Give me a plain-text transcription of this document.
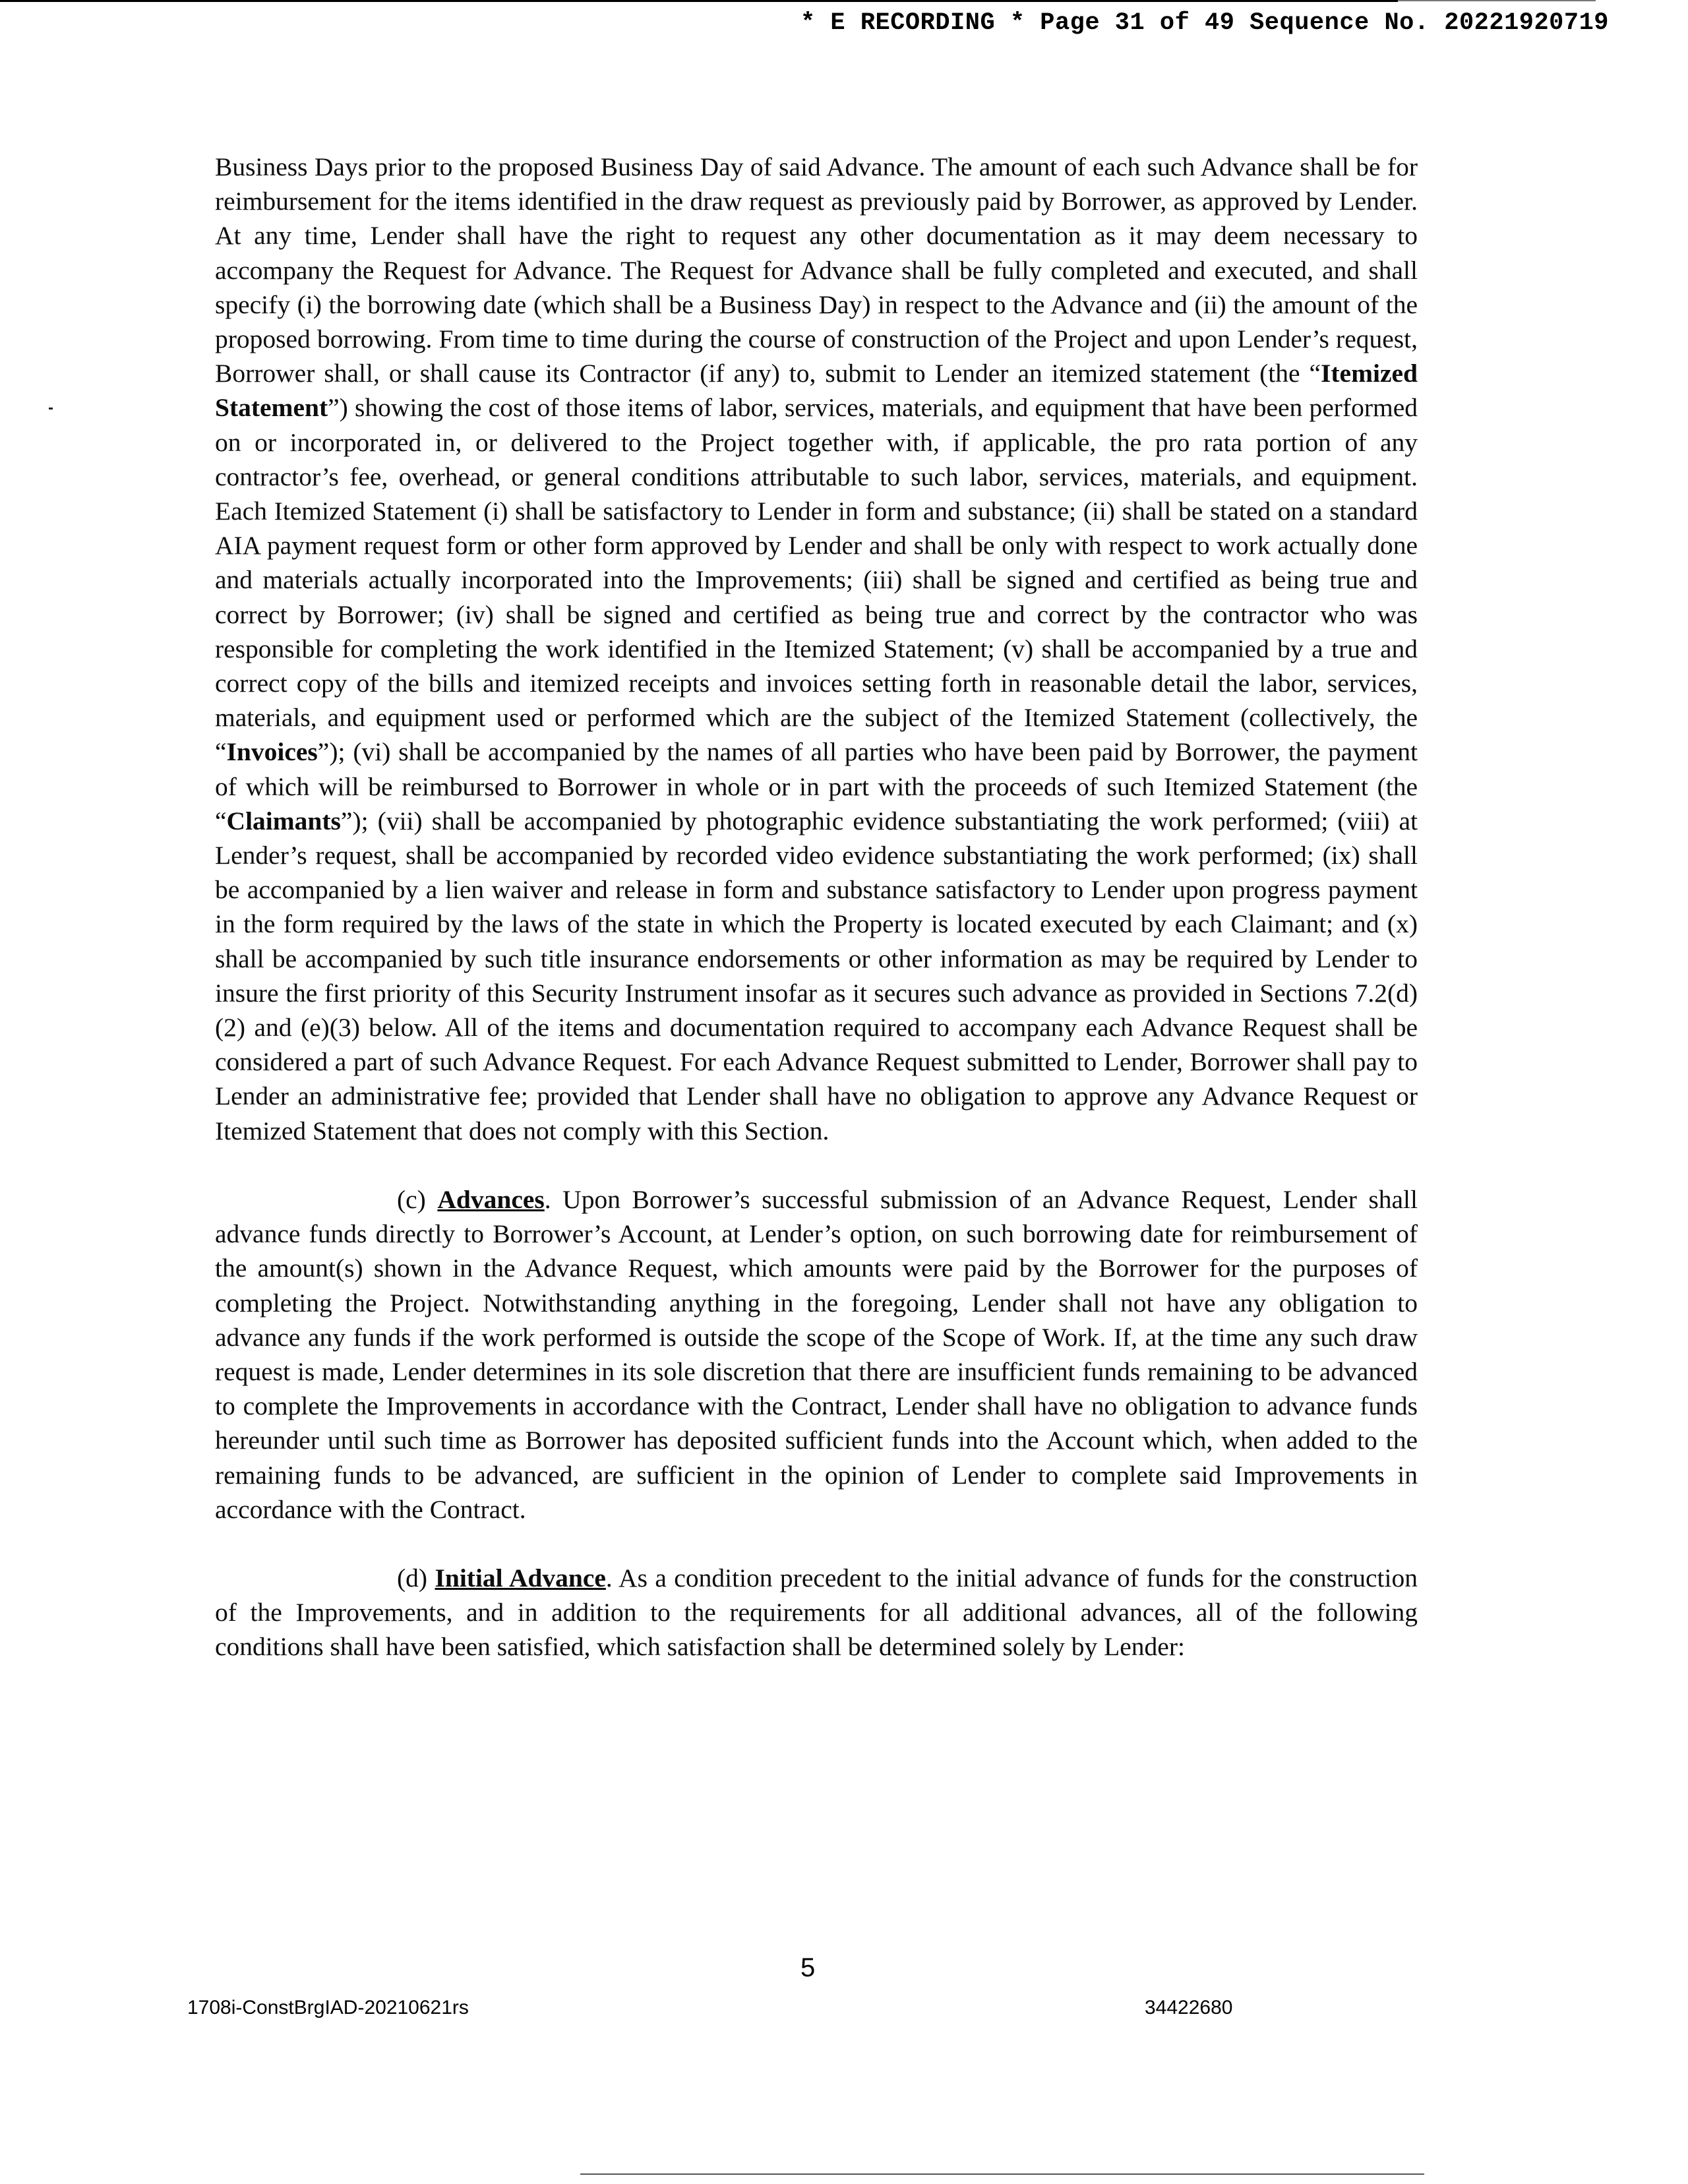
* E RECORDING * Page 31 of 49 Sequence No. 20221920719

Business Days prior to the proposed Business Day of said Advance. The amount of each such Advance shall be for reimbursement for the items identified in the draw request as previously paid by Borrower, as approved by Lender. At any time, Lender shall have the right to request any other documentation as it may deem necessary to accompany the Request for Advance. The Request for Advance shall be fully completed and executed, and shall specify (i) the borrowing date (which shall be a Business Day) in respect to the Advance and (ii) the amount of the proposed borrowing. From time to time during the course of construction of the Project and upon Lender’s request, Borrower shall, or shall cause its Contractor (if any) to, submit to Lender an itemized statement (the “Itemized Statement”) showing the cost of those items of labor, services, materials, and equipment that have been performed on or incorporated in, or delivered to the Project together with, if applicable, the pro rata portion of any contractor’s fee, overhead, or general conditions attributable to such labor, services, materials, and equipment. Each Itemized Statement (i) shall be satisfactory to Lender in form and substance; (ii) shall be stated on a standard AIA payment request form or other form approved by Lender and shall be only with respect to work actually done and materials actually incorporated into the Improvements; (iii) shall be signed and certified as being true and correct by Borrower; (iv) shall be signed and certified as being true and correct by the contractor who was responsible for completing the work identified in the Itemized Statement; (v) shall be accompanied by a true and correct copy of the bills and itemized receipts and invoices setting forth in reasonable detail the labor, services, materials, and equipment used or performed which are the subject of the Itemized Statement (collectively, the “Invoices”); (vi) shall be accompanied by the names of all parties who have been paid by Borrower, the payment of which will be reimbursed to Borrower in whole or in part with the proceeds of such Itemized Statement (the “Claimants”); (vii) shall be accompanied by photographic evidence substantiating the work performed; (viii) at Lender’s request, shall be accompanied by recorded video evidence substantiating the work performed; (ix) shall be accompanied by a lien waiver and release in form and substance satisfactory to Lender upon progress payment in the form required by the laws of the state in which the Property is located executed by each Claimant; and (x) shall be accompanied by such title insurance endorsements or other information as may be required by Lender to insure the first priority of this Security Instrument insofar as it secures such advance as provided in Sections 7.2(d)(2) and (e)(3) below. All of the items and documentation required to accompany each Advance Request shall be considered a part of such Advance Request. For each Advance Request submitted to Lender, Borrower shall pay to Lender an administrative fee; provided that Lender shall have no obligation to approve any Advance Request or Itemized Statement that does not comply with this Section.

(c) Advances. Upon Borrower’s successful submission of an Advance Request, Lender shall advance funds directly to Borrower’s Account, at Lender’s option, on such borrowing date for reimbursement of the amount(s) shown in the Advance Request, which amounts were paid by the Borrower for the purposes of completing the Project. Notwithstanding anything in the foregoing, Lender shall not have any obligation to advance any funds if the work performed is outside the scope of the Scope of Work. If, at the time any such draw request is made, Lender determines in its sole discretion that there are insufficient funds remaining to be advanced to complete the Improvements in accordance with the Contract, Lender shall have no obligation to advance funds hereunder until such time as Borrower has deposited sufficient funds into the Account which, when added to the remaining funds to be advanced, are sufficient in the opinion of Lender to complete said Improvements in accordance with the Contract.

(d) Initial Advance. As a condition precedent to the initial advance of funds for the construction of the Improvements, and in addition to the requirements for all additional advances, all of the following conditions shall have been satisfied, which satisfaction shall be determined solely by Lender:

5
1708i-ConstBrgIAD-20210621rs	34422680
